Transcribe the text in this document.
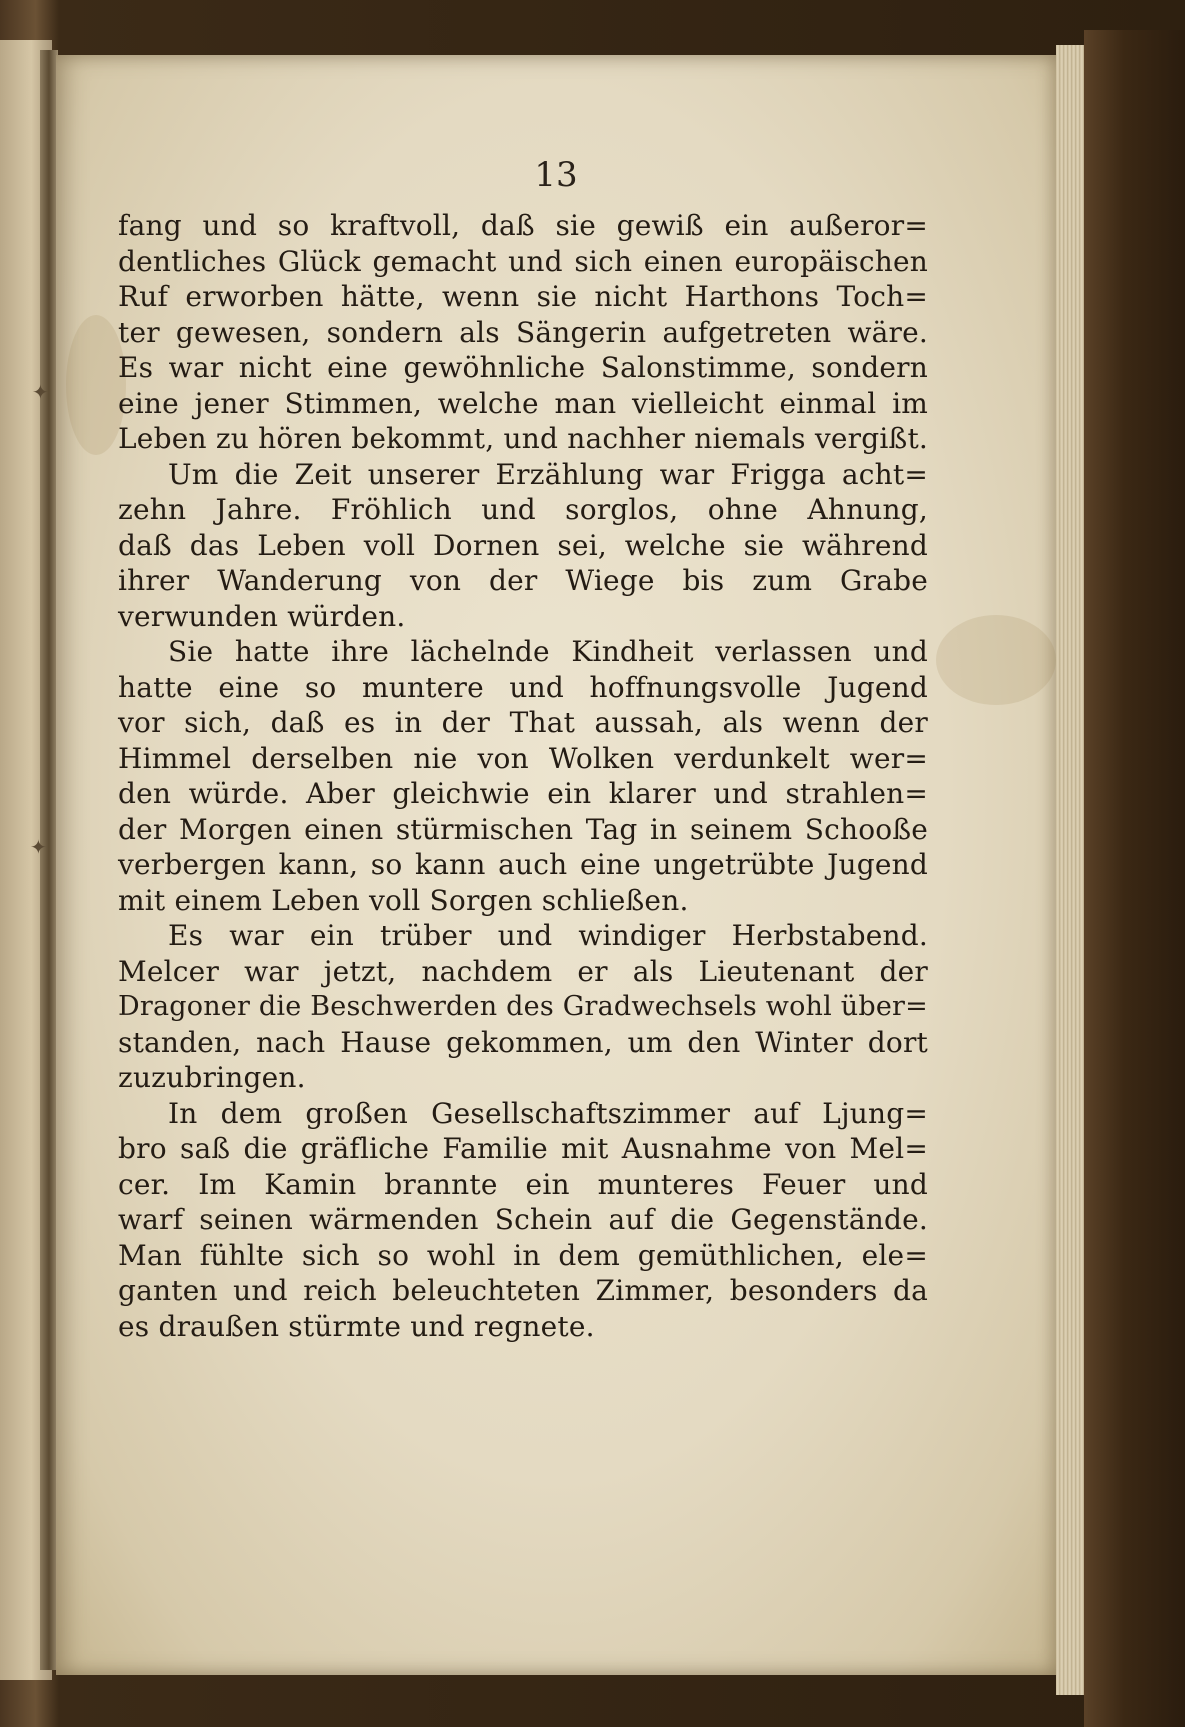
✦
✦
13
fang und so kraftvoll, daß sie gewiß ein außeror=
dentliches Glück gemacht und sich einen europäischen
Ruf erworben hätte, wenn sie nicht Harthons Toch=
ter gewesen, sondern als Sängerin aufgetreten wäre.
Es war nicht eine gewöhnliche Salonstimme, sondern
eine jener Stimmen, welche man vielleicht einmal im
Leben zu hören bekommt, und nachher niemals vergißt.
Um die Zeit unserer Erzählung war Frigga acht=
zehn Jahre. Fröhlich und sorglos, ohne Ahnung,
daß das Leben voll Dornen sei, welche sie während
ihrer Wanderung von der Wiege bis zum Grabe
verwunden würden.
Sie hatte ihre lächelnde Kindheit verlassen und
hatte eine so muntere und hoffnungsvolle Jugend
vor sich, daß es in der That aussah, als wenn der
Himmel derselben nie von Wolken verdunkelt wer=
den würde. Aber gleichwie ein klarer und strahlen=
der Morgen einen stürmischen Tag in seinem Schooße
verbergen kann, so kann auch eine ungetrübte Jugend
mit einem Leben voll Sorgen schließen.
Es war ein trüber und windiger Herbstabend.
Melcer war jetzt, nachdem er als Lieutenant der
Dragoner die Beschwerden des Gradwechsels wohl über=
standen, nach Hause gekommen, um den Winter dort
zuzubringen.
In dem großen Gesellschaftszimmer auf Ljung=
bro saß die gräfliche Familie mit Ausnahme von Mel=
cer. Im Kamin brannte ein munteres Feuer und
warf seinen wärmenden Schein auf die Gegenstände.
Man fühlte sich so wohl in dem gemüthlichen, ele=
ganten und reich beleuchteten Zimmer, besonders da
es draußen stürmte und regnete.
